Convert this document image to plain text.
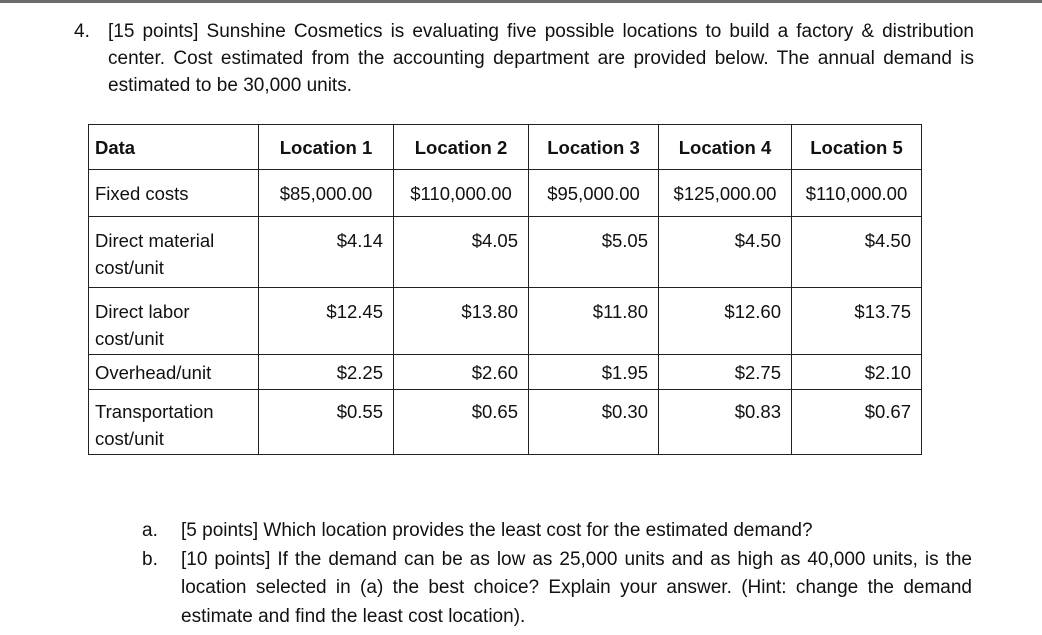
4. [15 points] Sunshine Cosmetics is evaluating five possible locations to build a factory & distribution center. Cost estimated from the accounting department are provided below. The annual demand is estimated to be 30,000 units.
Data	Location 1	Location 2	Location 3	Location 4	Location 5
Fixed costs	$85,000.00	$110,000.00	$95,000.00	$125,000.00	$110,000.00

Direct material
cost/unit	$4.14	$4.05	$5.05	$4.50	$4.50

Direct labor
cost/unit	$12.45	$13.80	$11.80	$12.60	$13.75
Overhead/unit	$2.25	$2.60	$1.95	$2.75	$2.10

Transportation
cost/unit	$0.55	$0.65	$0.30	$0.83	$0.67
a. [5 points] Which location provides the least cost for the estimated demand?
b. [10 points] If the demand can be as low as 25,000 units and as high as 40,000 units, is the location selected in (a) the best choice? Explain your answer. (Hint: change the demand estimate and find the least cost location).
